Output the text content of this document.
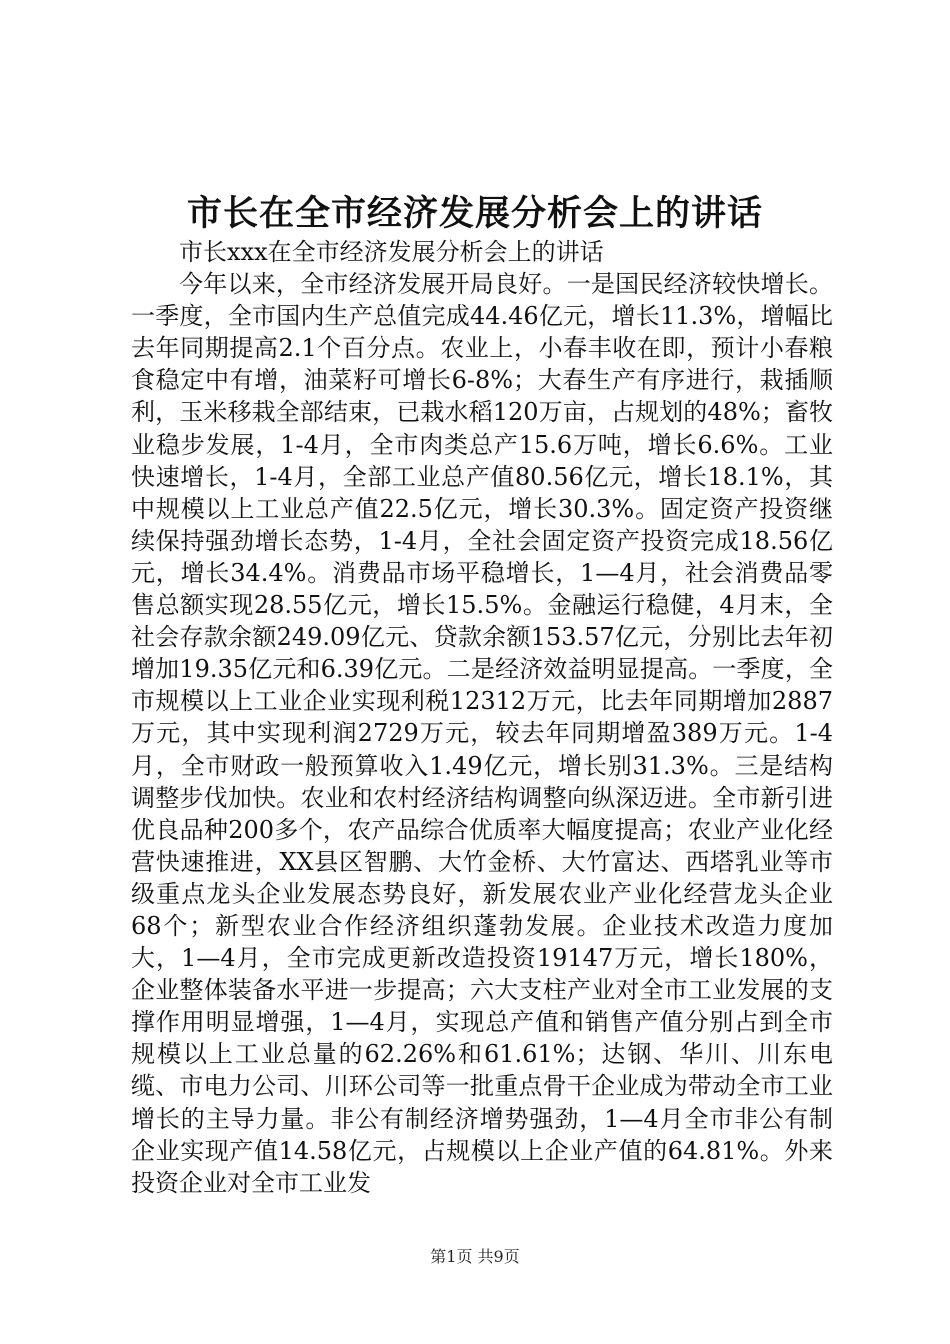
市长在全市经济发展分析会上的讲话

市长xxx在全市经济发展分析会上的讲话

今年以来，全市经济发展开局良好。一是国民经济较快增长。一季度，全市国内生产总值完成44.46亿元，增长11.3%，增幅比去年同期提高2.1个百分点。农业上，小春丰收在即，预计小春粮食稳定中有增，油菜籽可增长6-8%；大春生产有序进行，栽插顺利，玉米移栽全部结束，已栽水稻120万亩，占规划的48%；畜牧业稳步发展，1-4月，全市肉类总产15.6万吨，增长6.6%。工业快速增长，1-4月，全部工业总产值80.56亿元，增长18.1%，其中规模以上工业总产值22.5亿元，增长30.3%。固定资产投资继续保持强劲增长态势，1-4月，全社会固定资产投资完成18.56亿元，增长34.4%。消费品市场平稳增长，1—4月，社会消费品零售总额实现28.55亿元，增长15.5%。金融运行稳健，4月末，全社会存款余额249.09亿元、贷款余额153.57亿元，分别比去年初增加19.35亿元和6.39亿元。二是经济效益明显提高。一季度，全市规模以上工业企业实现利税12312万元，比去年同期增加2887万元，其中实现利润2729万元，较去年同期增盈389万元。1-4月，全市财政一般预算收入1.49亿元，增长别31.3%。三是结构调整步伐加快。农业和农村经济结构调整向纵深迈进。全市新引进优良品种200多个，农产品综合优质率大幅度提高；农业产业化经营快速推进，XX县区智鹏、大竹金桥、大竹富达、西塔乳业等市级重点龙头企业发展态势良好，新发展农业产业化经营龙头企业68个；新型农业合作经济组织蓬勃发展。企业技术改造力度加大，1—4月，全市完成更新改造投资19147万元，增长180%，企业整体装备水平进一步提高；六大支柱产业对全市工业发展的支撑作用明显增强，1—4月，实现总产值和销售产值分别占到全市规模以上工业总量的62.26%和61.61%；达钢、华川、川东电缆、市电力公司、川环公司等一批重点骨干企业成为带动全市工业增长的主导力量。非公有制经济增势强劲，1—4月全市非公有制企业实现产值14.58亿元，占规模以上企业产值的64.81%。外来投资企业对全市工业发

第1页 共9页
